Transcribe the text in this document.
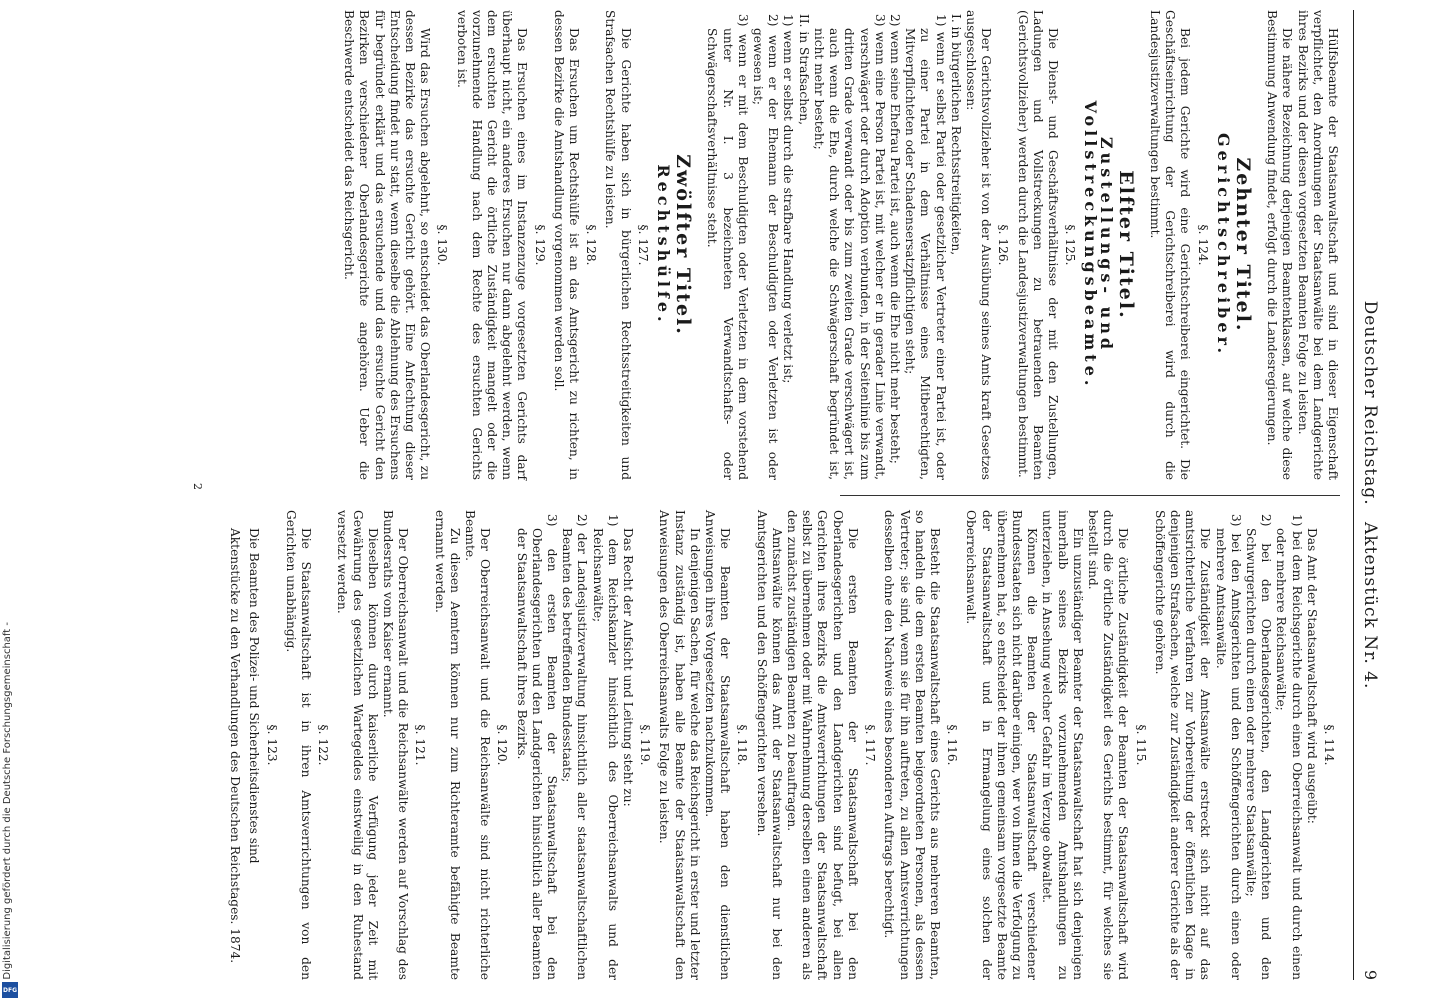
Deutscher Reichstag. Aktenstück Nr. 4.
9

Hülfsbeamte der Staatsanwaltschaft und sind in dieser Eigenschaft verpflichtet, den Anordnungen der Staatsanwälte bei dem Landgerichte ihres Bezirks und der diesen vorgesetzten Beamten Folge zu leisten.

Die nähere Bezeichnung derjenigen Beamtenklassen, auf welche diese Bestimmung Anwendung findet, erfolgt durch die Landesregierungen.

Zehnter Titel.
Gerichtschreiber.
§. 124.

Bei jedem Gerichte wird eine Gerichtschreiberei eingerichtet. Die Geschäftseinrichtung der Gerichtschreiberei wird durch die Landesjustizverwaltungen bestimmt.

Elfter Titel.
Zustellungs- und Vollstreckungsbeamte.
§. 125.

Die Dienst- und Geschäftsverhältnisse der mit den Zustellungen, Ladungen und Vollstreckungen zu betrauenden Beamten (Gerichtsvollzieher) werden durch die Landesjustizverwaltungen bestimmt.

§. 126.

Der Gerichtsvollzieher ist von der Ausübung seines Amts kraft Gesetzes ausgeschlossen:

I. in bürgerlichen Rechtsstreitigkeiten,

1) wenn er selbst Partei oder gesetzlicher Vertreter einer Partei ist, oder zu einer Partei in dem Verhältnisse eines Mitberechtigten, Mitverpflichteten oder Schadensersatzpflichtigen steht;

2) wenn seine Ehefrau Partei ist, auch wenn die Ehe nicht mehr besteht;

3) wenn eine Person Partei ist, mit welcher er in gerader Linie verwandt, verschwägert oder durch Adoption verbunden, in der Seitenlinie bis zum dritten Grade verwandt oder bis zum zweiten Grade verschwägert ist, auch wenn die Ehe, durch welche die Schwägerschaft begründet ist, nicht mehr besteht;

II. in Strafsachen,

1) wenn er selbst durch die strafbare Handlung verletzt ist;

2) wenn er der Ehemann der Beschuldigten oder Verletzten ist oder gewesen ist;

3) wenn er mit dem Beschuldigten oder Verletzten in dem vorstehend unter Nr. I. 3 bezeichneten Verwandtschafts- oder Schwägerschaftsverhältnisse steht.

Zwölfter Titel.
Rechtshülfe.
§. 127.

Die Gerichte haben sich in bürgerlichen Rechtsstreitigkeiten und Strafsachen Rechtshülfe zu leisten.

§. 128.

Das Ersuchen um Rechtshülfe ist an das Amtsgericht zu richten, in dessen Bezirke die Amtshandlung vorgenommen werden soll.

§. 129.

Das Ersuchen eines im Instanzenzuge vorgesetzten Gerichts darf überhaupt nicht, ein anderes Ersuchen nur dann abgelehnt werden, wenn dem ersuchten Gericht die örtliche Zuständigkeit mangelt oder die vorzunehmende Handlung nach dem Rechte des ersuchten Gerichts verboten ist.

§. 130.

Wird das Ersuchen abgelehnt, so entscheidet das Oberlandesgericht, zu dessen Bezirke das ersuchte Gericht gehört. Eine Anfechtung dieser Entscheidung findet nur statt, wenn dieselbe die Ablehnung des Ersuchens für begründet erklärt und das ersuchende und das ersuchte Gericht den Bezirken verschiedener Oberlandesgerichte angehören. Ueber die Beschwerde entscheidet das Reichsgericht.

2
§. 114.

Das Amt der Staatsanwaltschaft wird ausgeübt:

1) bei dem Reichsgerichte durch einen Oberreichsanwalt und durch einen oder mehrere Reichsanwälte;

2) bei den Oberlandesgerichten, den Landgerichten und den Schwurgerichten durch einen oder mehrere Staatsanwälte;

3) bei den Amtsgerichten und den Schöffengerichten durch einen oder mehrere Amtsanwälte.

Die Zuständigkeit der Amtsanwälte erstreckt sich nicht auf das amtsrichterliche Verfahren zur Vorbereitung der öffentlichen Klage in denjenigen Strafsachen, welche zur Zuständigkeit anderer Gerichte als der Schöffengerichte gehören.

§. 115.

Die örtliche Zuständigkeit der Beamten der Staatsanwaltschaft wird durch die örtliche Zuständigkeit des Gerichts bestimmt, für welches sie bestellt sind.

Ein unzuständiger Beamter der Staatsanwaltschaft hat sich denjenigen innerhalb seines Bezirks vorzunehmenden Amtshandlungen zu unterziehen, in Ansehung welcher Gefahr im Verzuge obwaltet.

Können die Beamten der Staatsanwaltschaft verschiedener Bundesstaaten sich nicht darüber einigen, wer von ihnen die Verfolgung zu übernehmen hat, so entscheidet der ihnen gemeinsam vorgesetzte Beamte der Staatsanwaltschaft und in Ermangelung eines solchen der Oberreichsanwalt.

§. 116.

Besteht die Staatsanwaltschaft eines Gerichts aus mehreren Beamten, so handeln die dem ersten Beamten beigeordneten Personen, als dessen Vertreter; sie sind, wenn sie für ihn auftreten, zu allen Amtsverrichtungen desselben ohne den Nachweis eines besonderen Auftrags berechtigt.

§. 117.

Die ersten Beamten der Staatsanwaltschaft bei den Oberlandesgerichten und den Landgerichten sind befugt, bei allen Gerichten ihres Bezirks die Amtsverrichtungen der Staatsanwaltschaft selbst zu übernehmen oder mit Wahrnehmung derselben einen anderen als den zunächst zuständigen Beamten zu beauftragen.

Amtsanwälte können das Amt der Staatsanwaltschaft nur bei den Amtsgerichten und den Schöffengerichten versehen.

§. 118.

Die Beamten der Staatsanwaltschaft haben den dienstlichen Anweisungen ihres Vorgesetzten nachzukommen.

In denjenigen Sachen, für welche das Reichsgericht in erster und letzter Instanz zuständig ist, haben alle Beamte der Staatsanwaltschaft den Anweisungen des Oberreichsanwalts Folge zu leisten.

§. 119.

Das Recht der Aufsicht und Leitung steht zu:

1) dem Reichskanzler hinsichtlich des Oberreichsanwalts und der Reichsanwälte;

2) der Landesjustizverwaltung hinsichtlich aller staatsanwaltschaftlichen Beamten des betreffenden Bundesstaats;

3) den ersten Beamten der Staatsanwaltschaft bei den Oberlandesgerichten und den Landgerichten hinsichtlich aller Beamten der Staatsanwaltschaft ihres Bezirks.

§. 120.

Der Oberreichsanwalt und die Reichsanwälte sind nicht richterliche Beamte.

Zu diesen Aemtern können nur zum Richteramte befähigte Beamte ernannt werden.

§. 121.

Der Oberreichsanwalt und die Reichsanwälte werden auf Vorschlag des Bundesraths vom Kaiser ernannt.

Dieselben können durch kaiserliche Verfügung jeder Zeit mit Gewährung des gesetzlichen Wartegeldes einstweilig in den Ruhestand versetzt werden.

§. 122.

Die Staatsanwaltschaft ist in ihren Amtsverrichtungen von den Gerichten unabhängig.

§. 123.

Die Beamten des Polizei- und Sicherheitsdienstes sind

Aktenstücke zu den Verhandlungen des Deutschen Reichstages. 1874.

Digitalisierung gefördert durch die Deutsche Forschungsgemeinschaft -
DFG
